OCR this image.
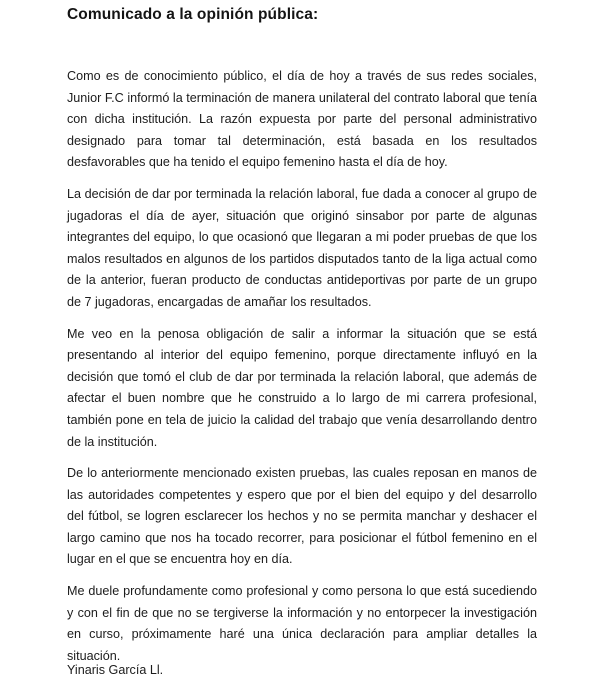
Comunicado a la opinión pública:

Como es de conocimiento público, el día de hoy a través de sus redes sociales, Junior F.C informó la terminación de manera unilateral del contrato laboral que tenía con dicha institución. La razón expuesta por parte del personal administrativo designado para tomar tal determinación, está basada en los resultados desfavorables que ha tenido el equipo femenino hasta el día de hoy.

La decisión de dar por terminada la relación laboral, fue dada a conocer al grupo de jugadoras el día de ayer, situación que originó sinsabor por parte de algunas integrantes del equipo, lo que ocasionó que llegaran a mi poder pruebas de que los malos resultados en algunos de los partidos disputados tanto de la liga actual como de la anterior, fueran producto de conductas antideportivas por parte de un grupo de 7 jugadoras, encargadas de amañar los resultados.

Me veo en la penosa obligación de salir a informar la situación que se está presentando al interior del equipo femenino, porque directamente influyó en la decisión que tomó el club de dar por terminada la relación laboral, que además de afectar el buen nombre que he construido a lo largo de mi carrera profesional, también pone en tela de juicio la calidad del trabajo que venía desarrollando dentro de la institución.

De lo anteriormente mencionado existen pruebas, las cuales reposan en manos de las autoridades competentes y espero que por el bien del equipo y del desarrollo del fútbol, se logren esclarecer los hechos y no se permita manchar y deshacer el largo camino que nos ha tocado recorrer, para posicionar el fútbol femenino en el lugar en el que se encuentra hoy en día.

Me duele profundamente como profesional y como persona lo que está sucediendo y con el fin de que no se tergiverse la información y no entorpecer la investigación en curso, próximamente haré una única declaración para ampliar detalles la situación.

Yinaris García Ll.
